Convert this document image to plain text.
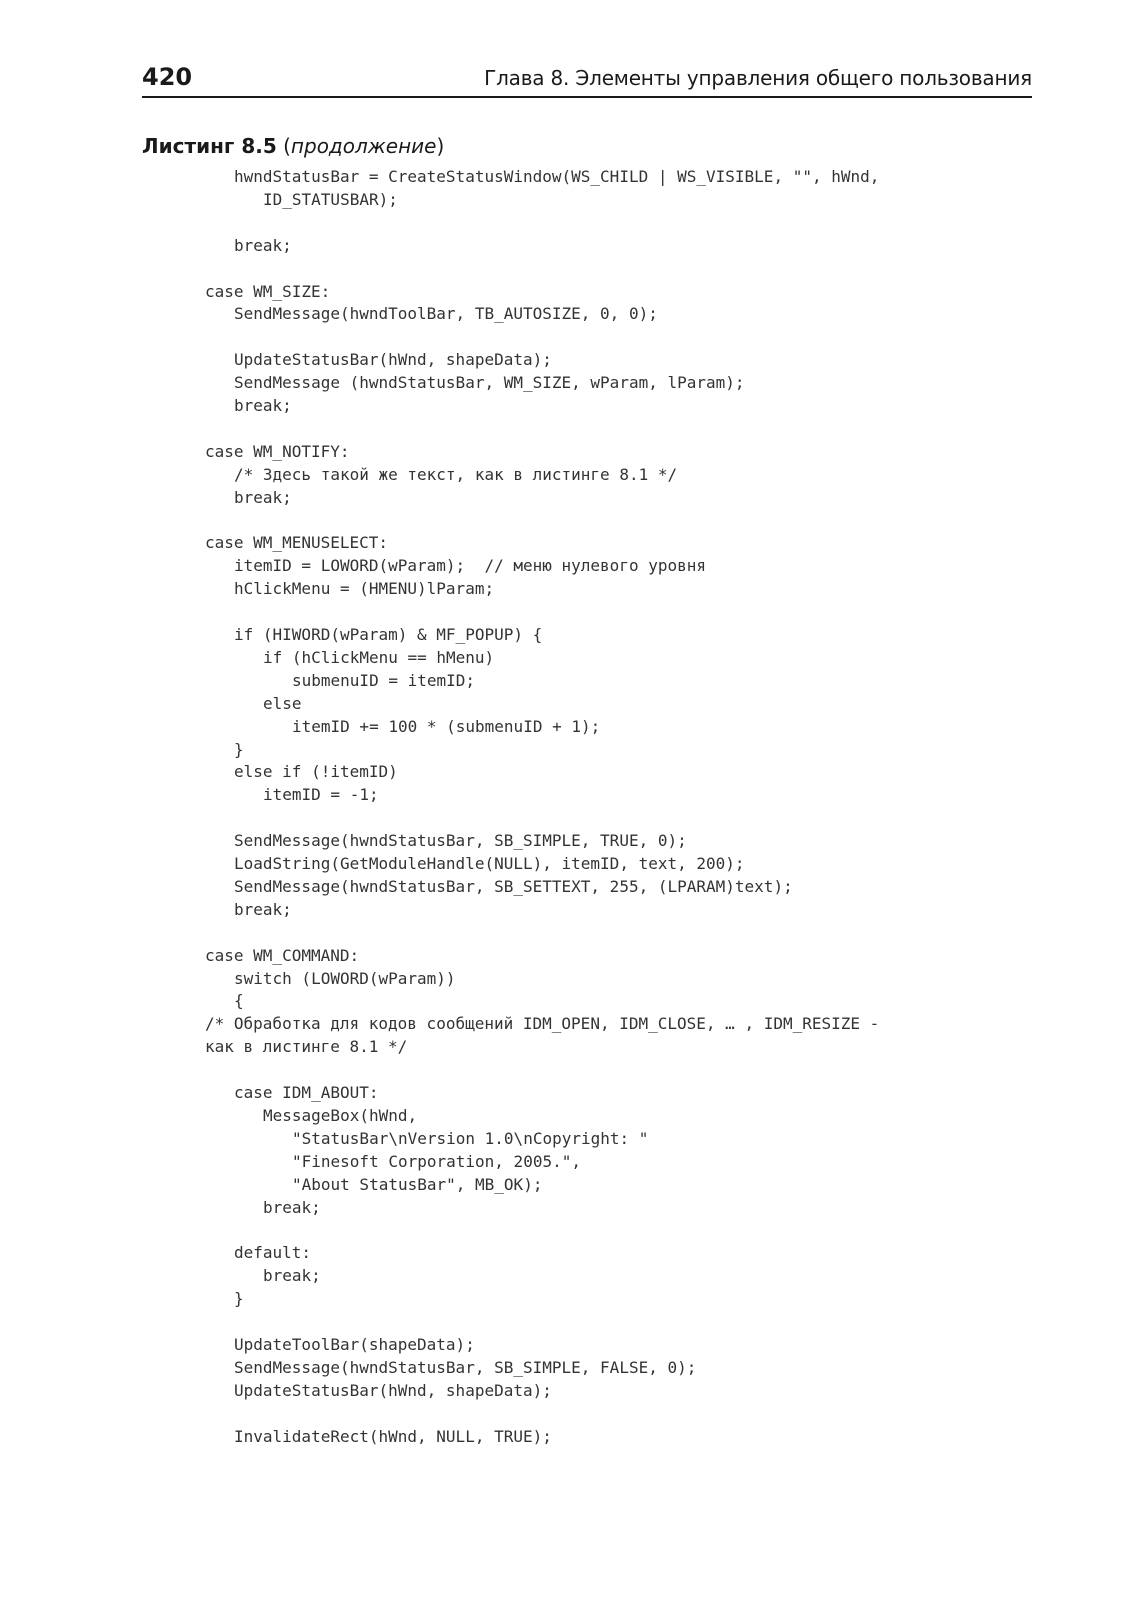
420	Глава 8. Элементы управления общего пользования
Листинг 8.5 (продолжение)
hwndStatusBar = CreateStatusWindow(WS_CHILD | WS_VISIBLE, "", hWnd,
ID_STATUSBAR);
break;
case WM_SIZE:
SendMessage(hwndToolBar, TB_AUTOSIZE, 0, 0);
UpdateStatusBar(hWnd, shapeData);
SendMessage (hwndStatusBar, WM_SIZE, wParam, lParam);
break;
case WM_NOTIFY:
/* Здесь такой же текст, как в листинге 8.1 */
break;
case WM_MENUSELECT:
itemID = LOWORD(wParam);  // меню нулевого уровня
hClickMenu = (HMENU)lParam;
if (HIWORD(wParam) & MF_POPUP) {
if (hClickMenu == hMenu)
submenuID = itemID;
else
itemID += 100 * (submenuID + 1);
}
else if (!itemID)
itemID = -1;
SendMessage(hwndStatusBar, SB_SIMPLE, TRUE, 0);
LoadString(GetModuleHandle(NULL), itemID, text, 200);
SendMessage(hwndStatusBar, SB_SETTEXT, 255, (LPARAM)text);
break;
case WM_COMMAND:
switch (LOWORD(wParam))
{
/* Обработка для кодов сообщений IDM_OPEN, IDM_CLOSE, … , IDM_RESIZE -
как в листинге 8.1 */
case IDM_ABOUT:
MessageBox(hWnd,
"StatusBar\nVersion 1.0\nCopyright: "
"Finesoft Corporation, 2005.",
"About StatusBar", MB_OK);
break;
default:
break;
}
UpdateToolBar(shapeData);
SendMessage(hwndStatusBar, SB_SIMPLE, FALSE, 0);
UpdateStatusBar(hWnd, shapeData);
InvalidateRect(hWnd, NULL, TRUE);
